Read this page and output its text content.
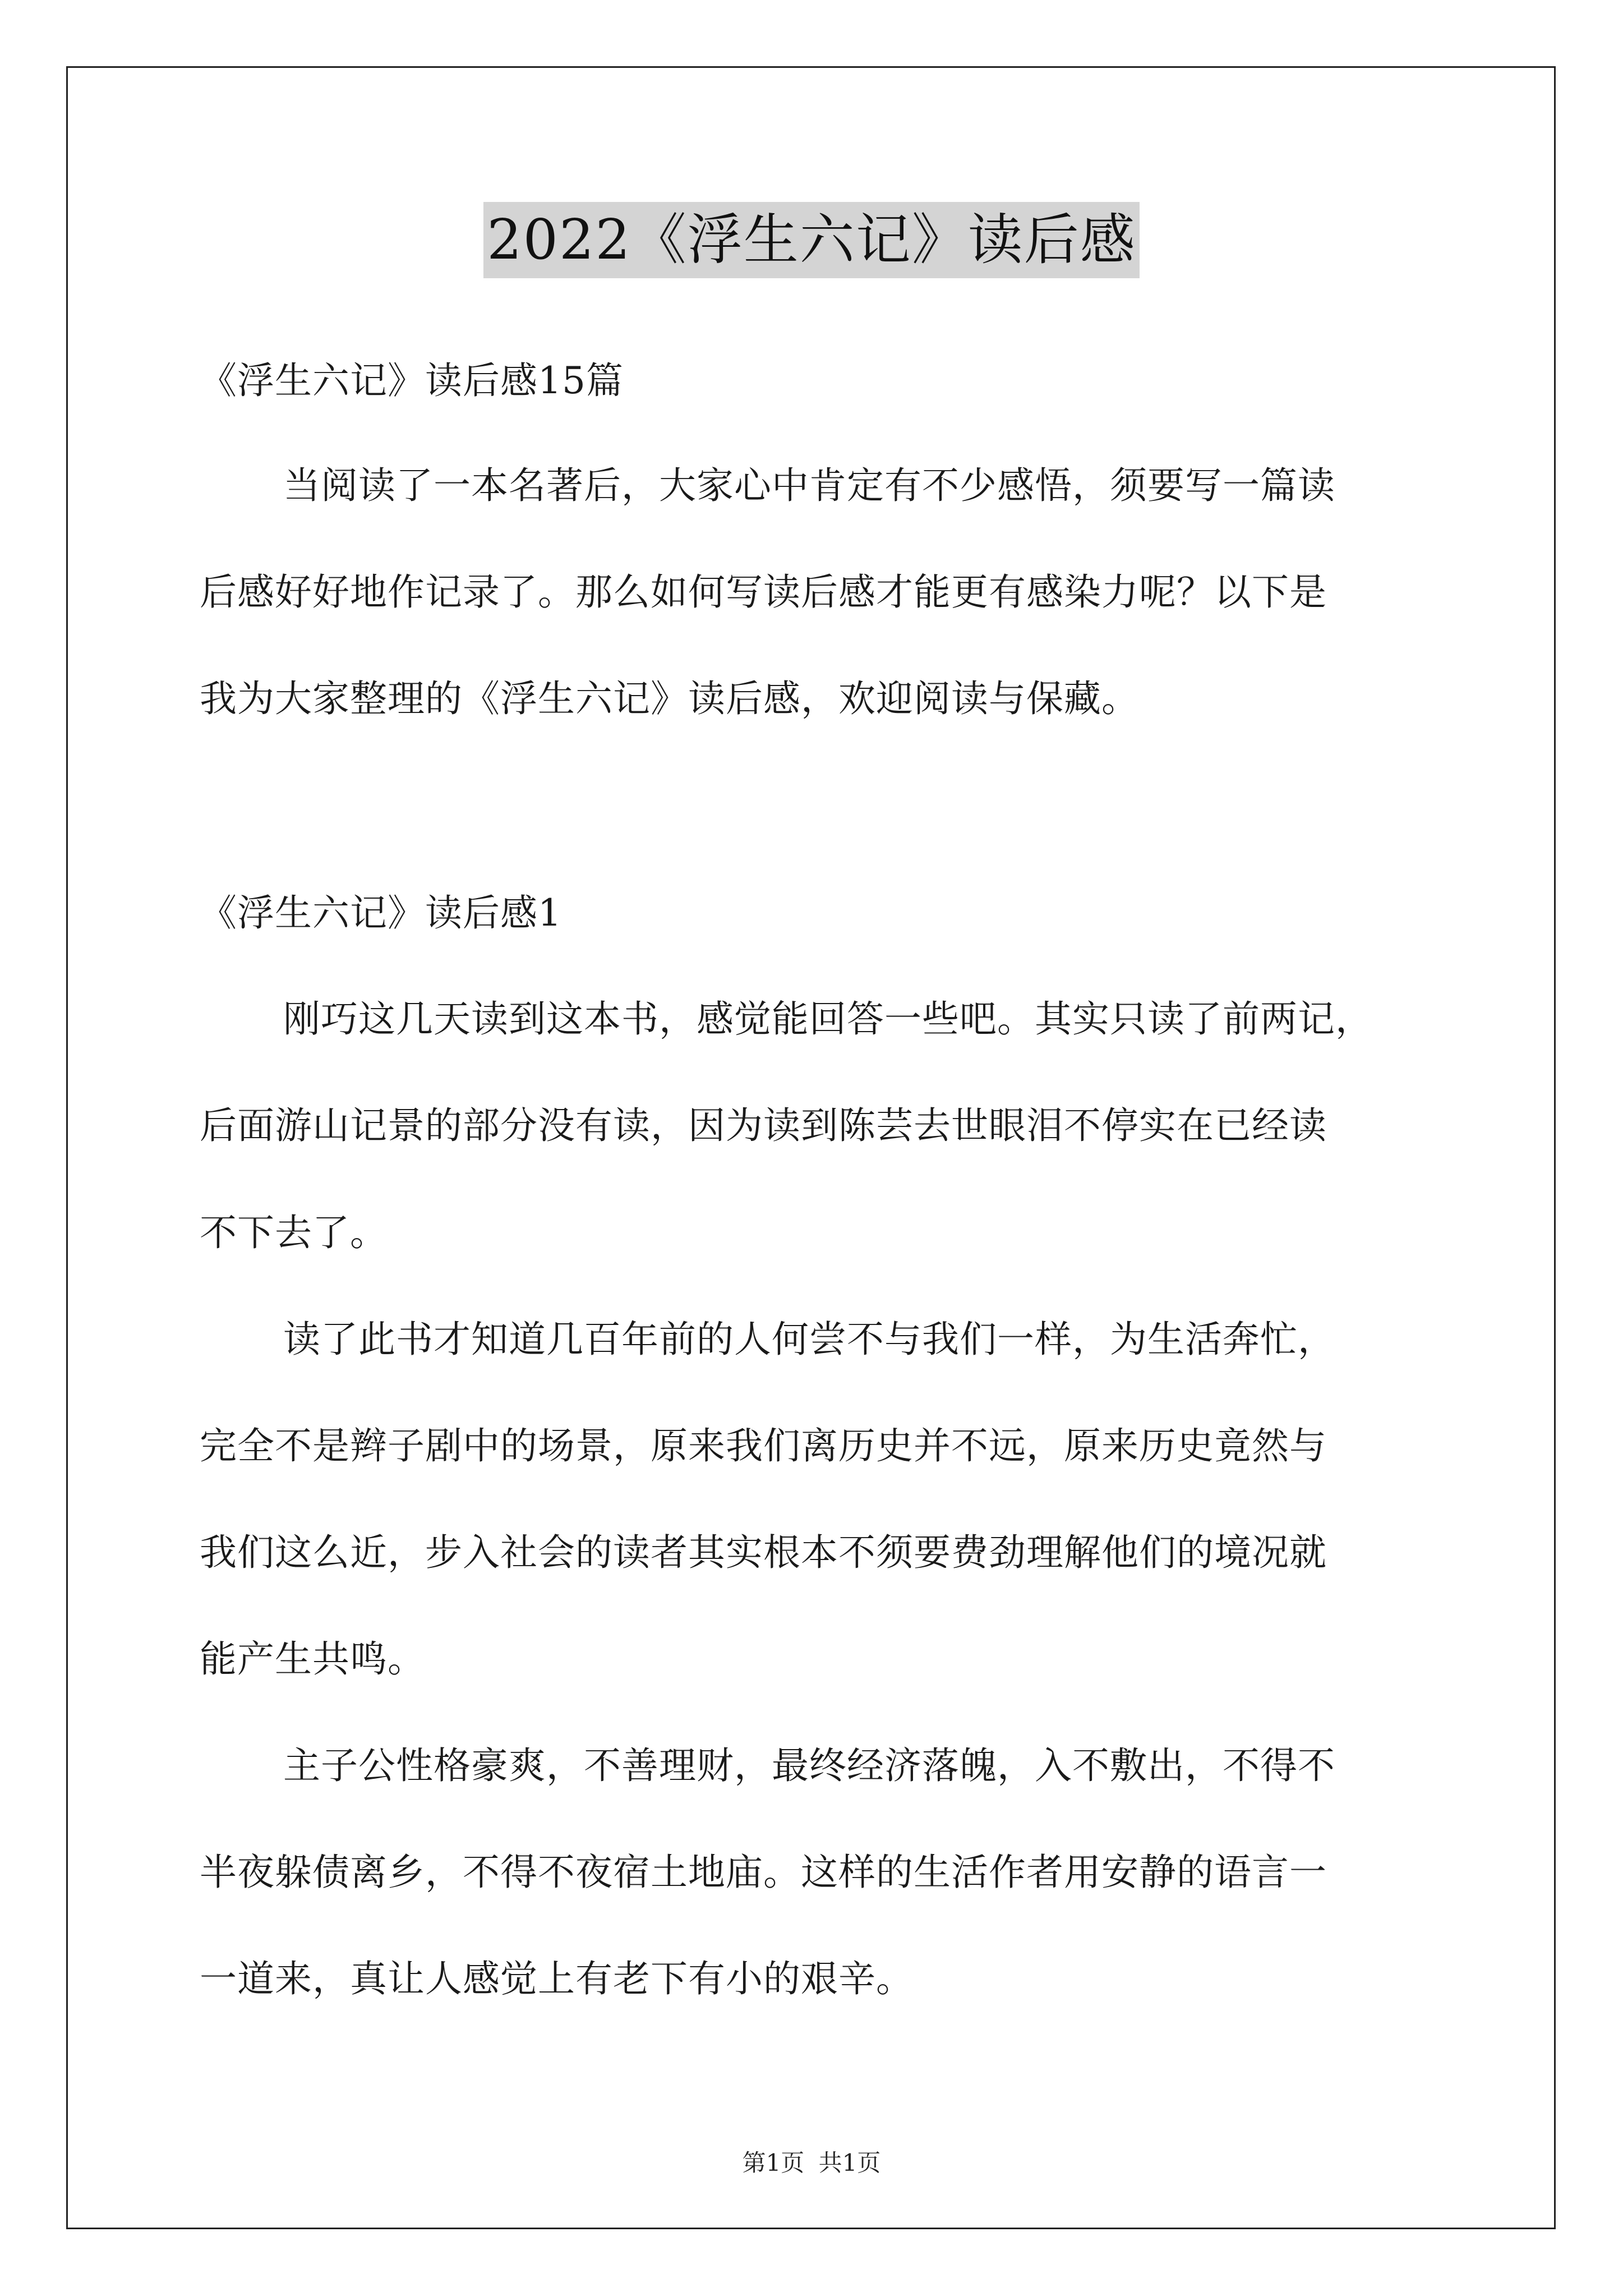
2022《浮生六记》读后感
《浮生六记》读后感15篇
当阅读了一本名著后，大家心中肯定有不少感悟，须要写一篇读
后感好好地作记录了。那么如何写读后感才能更有感染力呢？以下是
我为大家整理的《浮生六记》读后感，欢迎阅读与保藏。
《浮生六记》读后感1
刚巧这几天读到这本书，感觉能回答一些吧。其实只读了前两记，
后面游山记景的部分没有读，因为读到陈芸去世眼泪不停实在已经读
不下去了。
读了此书才知道几百年前的人何尝不与我们一样，为生活奔忙，
完全不是辫子剧中的场景，原来我们离历史并不远，原来历史竟然与
我们这么近，步入社会的读者其实根本不须要费劲理解他们的境况就
能产生共鸣。
主子公性格豪爽，不善理财，最终经济落魄，入不敷出，不得不
半夜躲债离乡，不得不夜宿土地庙。这样的生活作者用安静的语言一
一道来，真让人感觉上有老下有小的艰辛。
第1页 共1页
